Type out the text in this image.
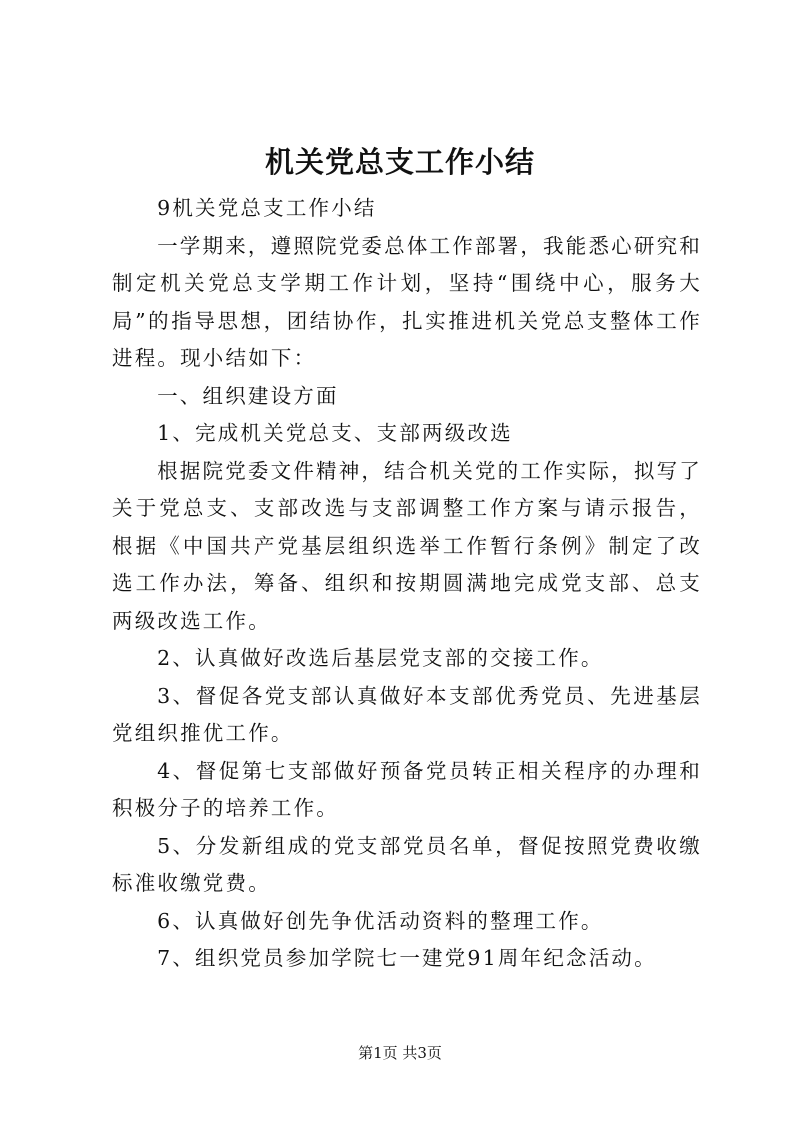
机关党总支工作小结

9机关党总支工作小结

一学期来，遵照院党委总体工作部署，我能悉心研究和制定机关党总支学期工作计划，坚持“围绕中心，服务大局”的指导思想，团结协作，扎实推进机关党总支整体工作进程。现小结如下：

一、组织建设方面

1、完成机关党总支、支部两级改选

根据院党委文件精神，结合机关党的工作实际，拟写了关于党总支、支部改选与支部调整工作方案与请示报告，根据《中国共产党基层组织选举工作暂行条例》制定了改选工作办法，筹备、组织和按期圆满地完成党支部、总支两级改选工作。

2、认真做好改选后基层党支部的交接工作。

3、督促各党支部认真做好本支部优秀党员、先进基层党组织推优工作。

4、督促第七支部做好预备党员转正相关程序的办理和积极分子的培养工作。

5、分发新组成的党支部党员名单，督促按照党费收缴标准收缴党费。

6、认真做好创先争优活动资料的整理工作。

7、组织党员参加学院七一建党91周年纪念活动。

第1页 共3页
